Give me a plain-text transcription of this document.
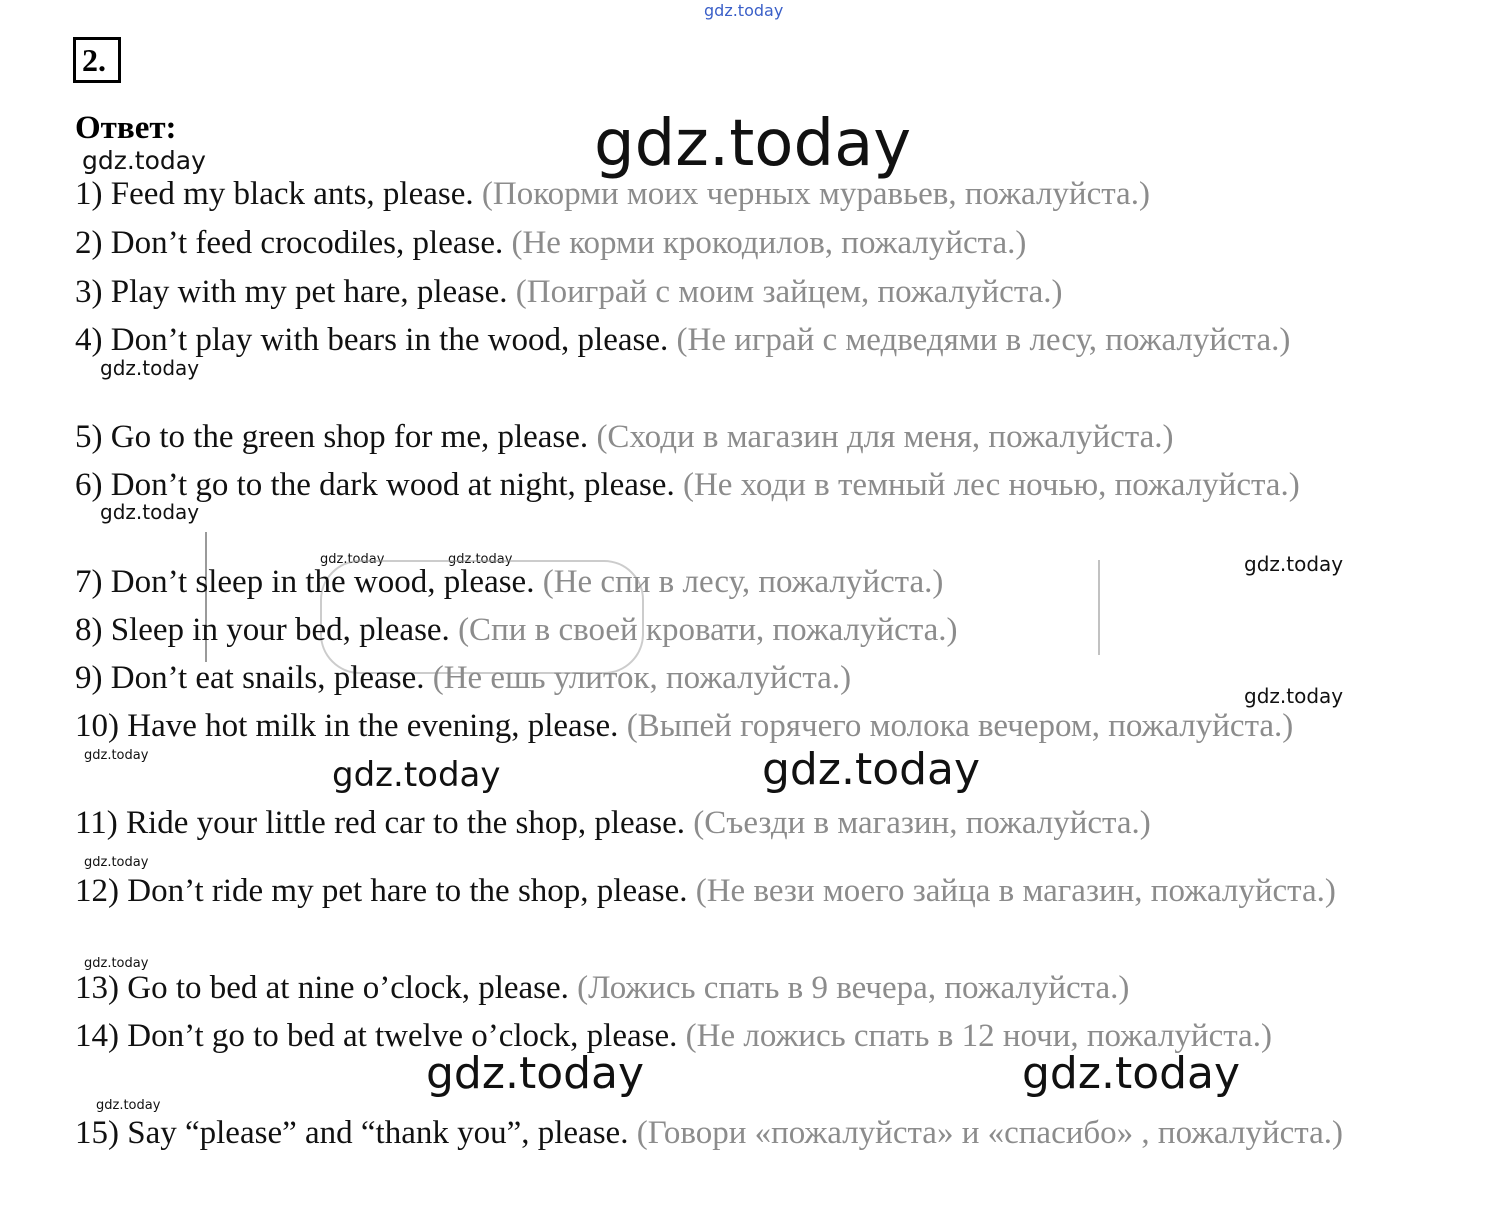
gdz.today
gdz.today
gdz.today
gdz.today
gdz.today
gdz.today	gdz.today	gdz.today
gdz.today
gdz.today	gdz.today	gdz.today
gdz.today
gdz.today
gdz.today	gdz.today
gdz.today
2.
Ответ:
1) Feed my black ants, please. (Покорми моих черных муравьев, пожалуйста.)
2) Don’t feed crocodiles, please. (Не корми крокодилов, пожалуйста.)
3) Play with my pet hare, please. (Поиграй с моим зайцем, пожалуйста.)
4) Don’t play with bears in the wood, please. (Не играй с медведями в лесу, пожалуйста.)
5) Go to the green shop for me, please. (Сходи в магазин для меня, пожалуйста.)
6) Don’t go to the dark wood at night, please. (Не ходи в темный лес ночью, пожалуйста.)
7) Don’t sleep in the wood, please. (Не спи в лесу, пожалуйста.)
8) Sleep in your bed, please. (Спи в своей кровати, пожалуйста.)
9) Don’t eat snails, please. (Не ешь улиток, пожалуйста.)
10) Have hot milk in the evening, please. (Выпей горячего молока вечером, пожалуйста.)
11) Ride your little red car to the shop, please. (Съезди в магазин, пожалуйста.)
12) Don’t ride my pet hare to the shop, please. (Не вези моего зайца в магазин, пожалуйста.)
13) Go to bed at nine o’clock, please. (Ложись спать в 9 вечера, пожалуйста.)
14) Don’t go to bed at twelve o’clock, please. (Не ложись спать в 12 ночи, пожалуйста.)
15) Say “please” and “thank you”, please. (Говори «пожалуйста» и «спасибо» , пожалуйста.)
